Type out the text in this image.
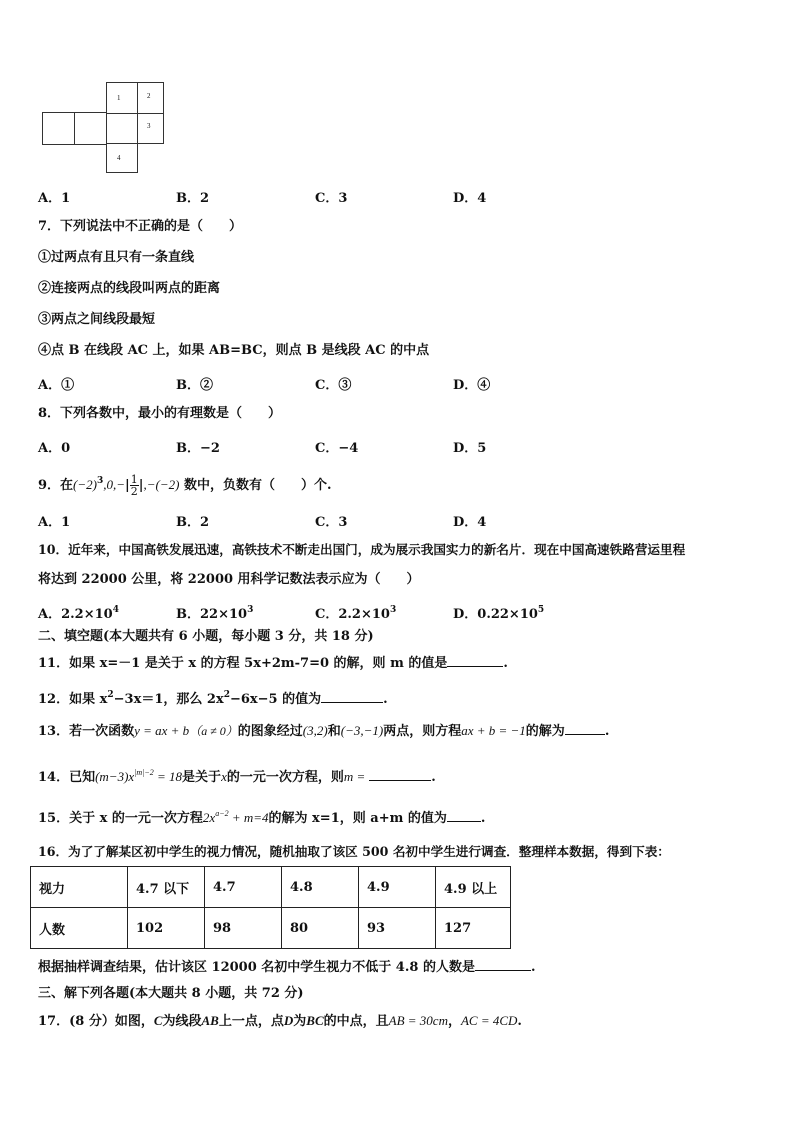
1	2
3
4
A．1	B．2	C．3	D．4
7．下列说法中不正确的是（　　）
①过两点有且只有一条直线
②连接两点的线段叫两点的距离
③两点之间线段最短
④点 B 在线段 AC 上，如果 AB=BC，则点 B 是线段 AC 的中点
A．①	B．②	C．③	D．④
8．下列各数中，最小的有理数是（　　）
A．0	B．−2	C．−4	D．5
9．在$(-2)^3,0,-| \frac{1}{2} |,-(-2)$ 数中，负数有（　　）个.
A．1	B．2	C．3	D．4
10．近年来，中国高铁发展迅速，高铁技术不断走出国门，成为展示我国实力的新名片．现在中国高速铁路营运里程
将达到 22000 公里，将 22000 用科学记数法表示应为（　　）
A．$2.2\times 10^4$	B．$22\times 10^3$	C．$2.2\times 10^3$	D．$0.22\times 10^5$
二、填空题(本大题共有 6 小题，每小题 3 分，共 18 分)
11．如果 x=－1 是关于 x 的方程 5x+2m-7=0 的解，则 m 的值是	.
12．如果 $x^2-3x=1$，那么 $2x^2-6x-5$ 的值为	.
13．若一次函数y = ax + b（a ≠ 0）的图象经过(3,2)和(−3,−1)两点，则方程ax + b = −1的解为	.
14．已知$(m-3)x^{|m|-2} = 18$是关于x的一元一次方程，则m =	.
15．关于 x 的一元一次方程$2x^{a-2} + m=4$的解为 x=1，则 a+m 的值为	.
16．为了了解某区初中学生的视力情况，随机抽取了该区 500 名初中学生进行调查．整理样本数据，得到下表：
视力	4.7 以下	4.7	4.8	4.9	4.9 以上
人数	102	98	80	93	127
根据抽样调查结果，估计该区 12000 名初中学生视力不低于 4.8 的人数是	.
三、解下列各题(本大题共 8 小题，共 72 分)
17．(8 分）如图，C为线段AB上一点，点D为BC的中点，且AB = 30cm，AC = 4CD.
